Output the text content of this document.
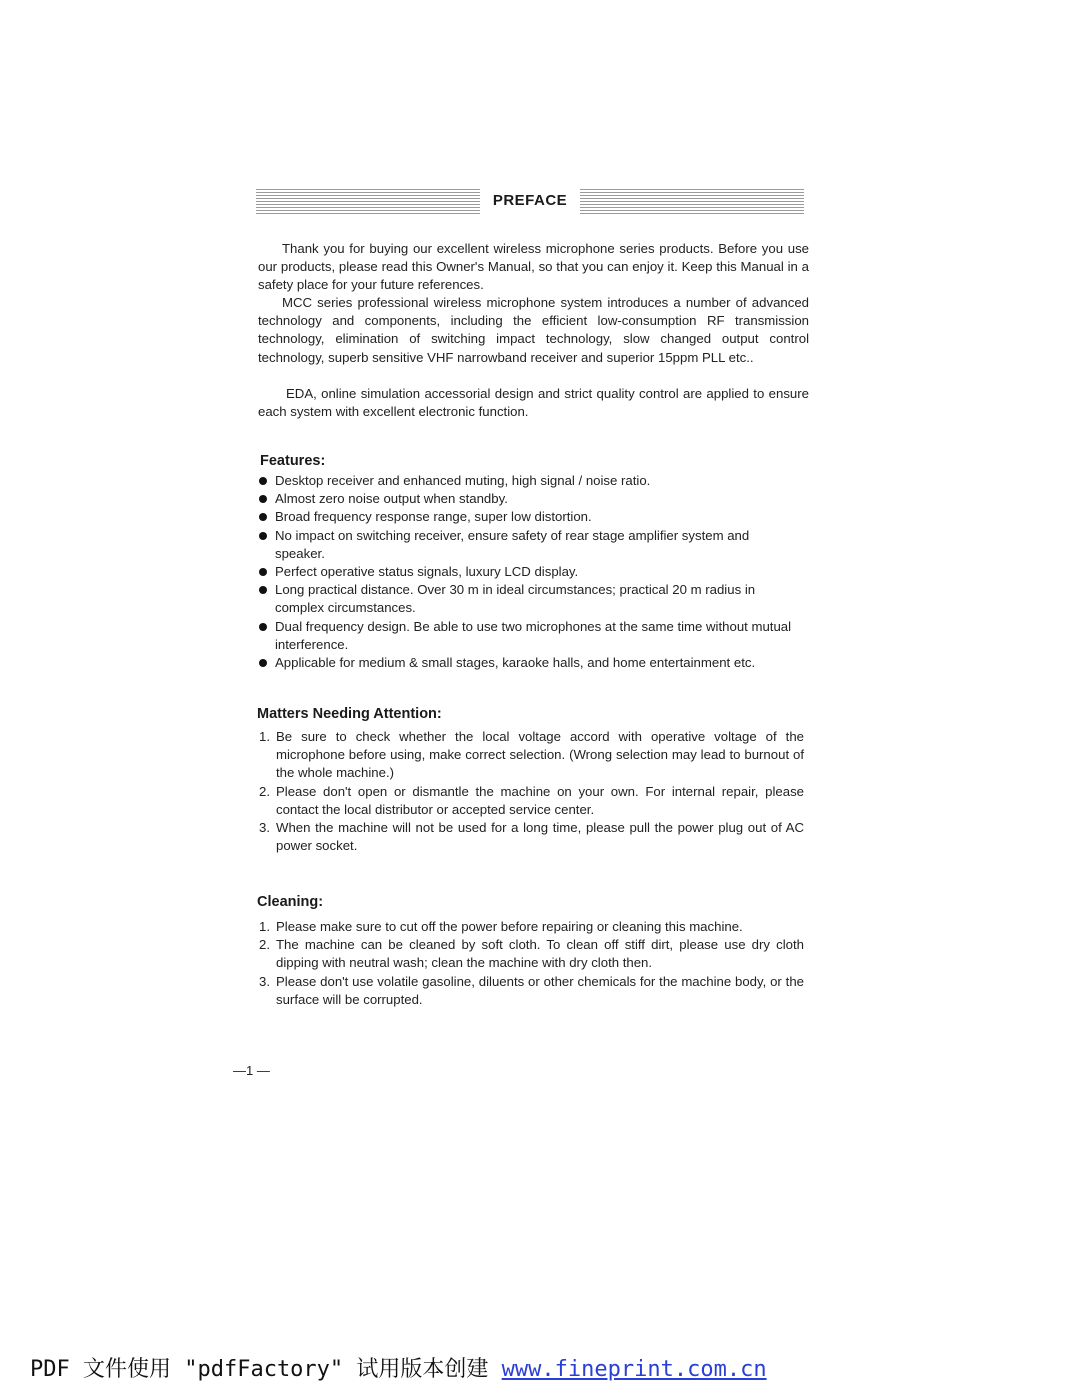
PREFACE

Thank you for buying our excellent wireless microphone series products. Before you use our products, please read this Owner's Manual, so that you can enjoy it. Keep this Manual in a safety place for your future references.

MCC series professional wireless microphone system introduces a number of advanced technology and components, including the efficient low-consumption RF transmission technology, elimination of switching impact technology, slow changed output control technology, superb sensitive VHF narrowband receiver and superior 15ppm PLL etc..

EDA, online simulation accessorial design and strict quality control are applied to ensure each system with excellent electronic function.

Features:
Desktop receiver and enhanced muting, high signal / noise ratio.
Almost zero noise output when standby.
Broad frequency response range, super low distortion.
No impact on switching receiver, ensure safety of rear stage amplifier system and speaker.
Perfect operative status signals, luxury LCD display.
Long practical distance. Over 30 m in ideal circumstances; practical 20 m radius in complex circumstances.
Dual frequency design. Be able to use two microphones at the same time without mutual interference.
Applicable for medium & small stages, karaoke halls, and home entertainment etc.
Matters Needing Attention:
1. Be sure to check whether the local voltage accord with operative voltage of the microphone before using, make correct selection. (Wrong selection may lead to burnout of the whole machine.)
2. Please don't open or dismantle the machine on your own. For internal repair, please contact the local distributor or accepted service center.
3. When the machine will not be used for a long time, please pull the power plug out of AC power socket.
Cleaning:
1. Please make sure to cut off the power before repairing or cleaning this machine.
2. The machine can be cleaned by soft cloth. To clean off stiff dirt, please use dry cloth dipping with neutral wash; clean the machine with dry cloth then.
3. Please don't use volatile gasoline, diluents or other chemicals for the machine body, or the surface will be corrupted.
—1 —
PDF 文件使用 "pdfFactory" 试用版本创建 www.fineprint.com.cn
